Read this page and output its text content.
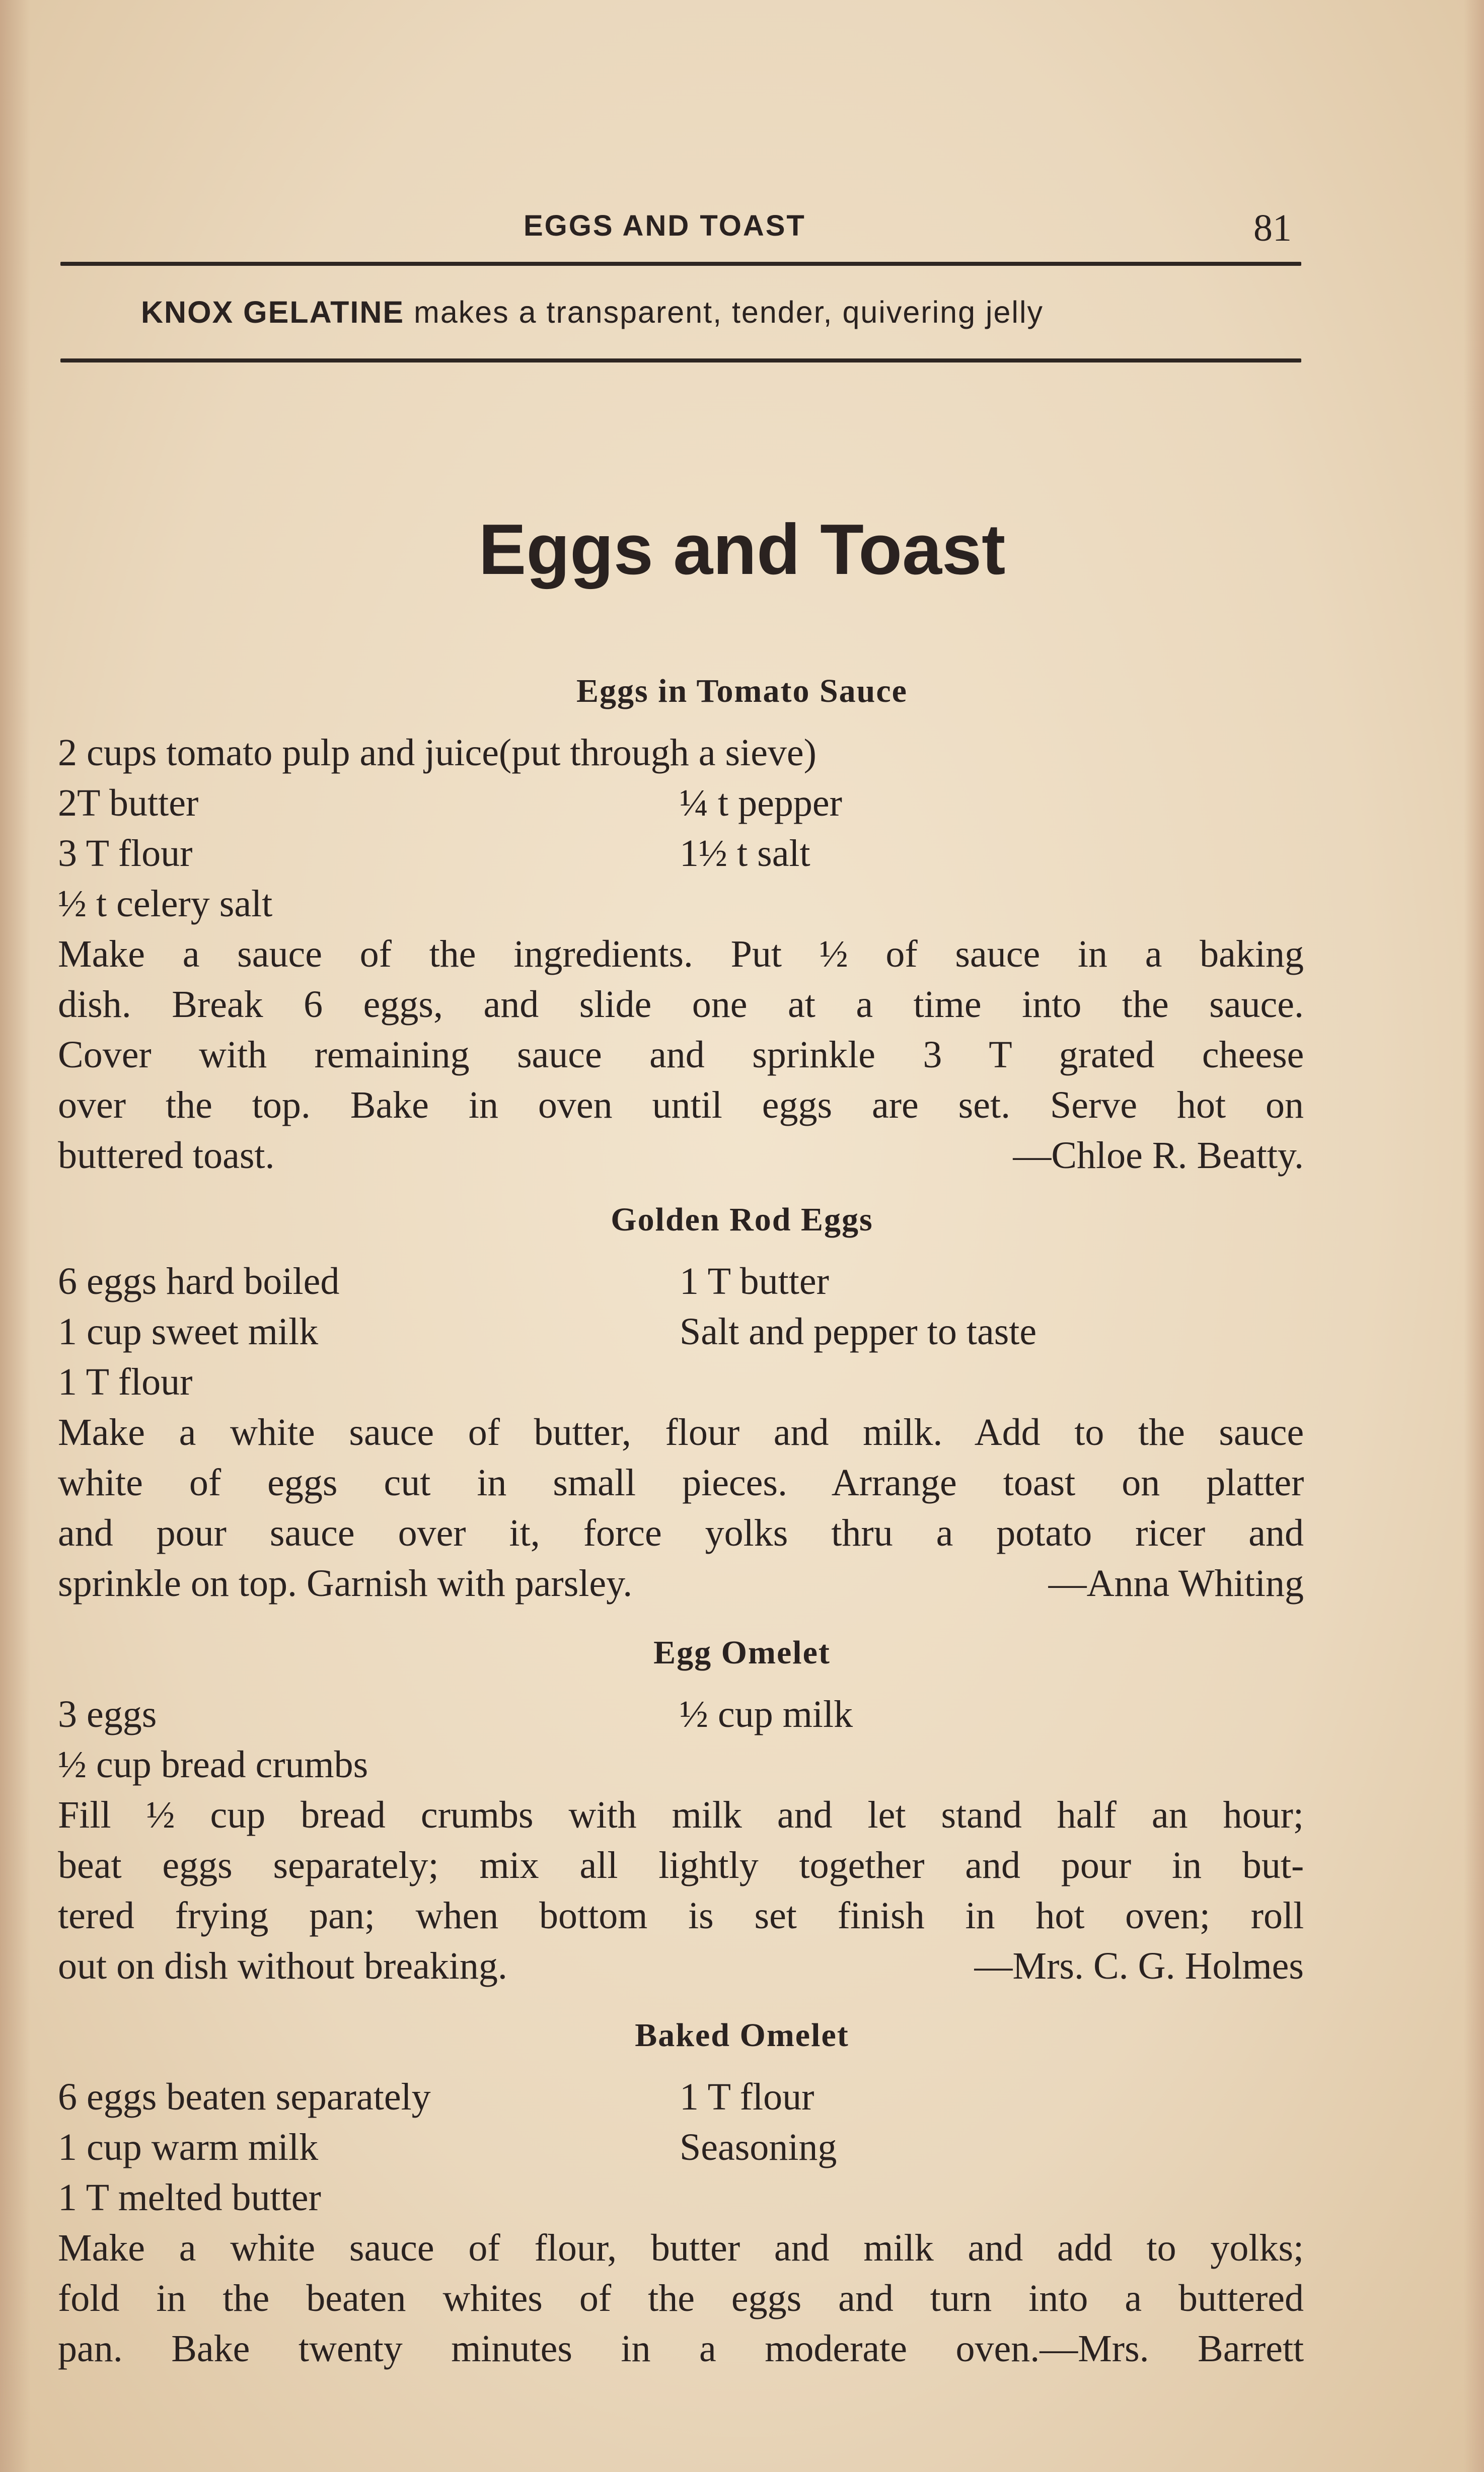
EGGS AND TOAST	81
KNOX GELATINE makes a transparent, tender, quivering jelly
Eggs and Toast
Eggs in Tomato Sauce
2 cups tomato pulp and juice(put through a sieve)
2T butter	¼ t pepper
3 T flour	1½ t salt
½ t celery salt
Make a sauce of the ingredients. Put ½ of sauce in a baking
dish. Break 6 eggs, and slide one at a time into the sauce.
Cover with remaining sauce and sprinkle 3 T grated cheese
over the top. Bake in oven until eggs are set. Serve hot on
buttered toast.	—Chloe R. Beatty.
Golden Rod Eggs
6 eggs hard boiled	1 T butter
1 cup sweet milk	Salt and pepper to taste
1 T flour
Make a white sauce of butter, flour and milk. Add to the sauce
white of eggs cut in small pieces. Arrange toast on platter
and pour sauce over it, force yolks thru a potato ricer and
sprinkle on top. Garnish with parsley.	—Anna Whiting
Egg Omelet
3 eggs	½ cup milk
½ cup bread crumbs
Fill ½ cup bread crumbs with milk and let stand half an hour;
beat eggs separately; mix all lightly together and pour in but-
tered frying pan; when bottom is set finish in hot oven; roll
out on dish without breaking.	—Mrs. C. G. Holmes
Baked Omelet
6 eggs beaten separately	1 T flour
1 cup warm milk	Seasoning
1 T melted butter
Make a white sauce of flour, butter and milk and add to yolks;
fold in the beaten whites of the eggs and turn into a buttered
pan. Bake twenty minutes in a moderate oven.—Mrs. Barrett
